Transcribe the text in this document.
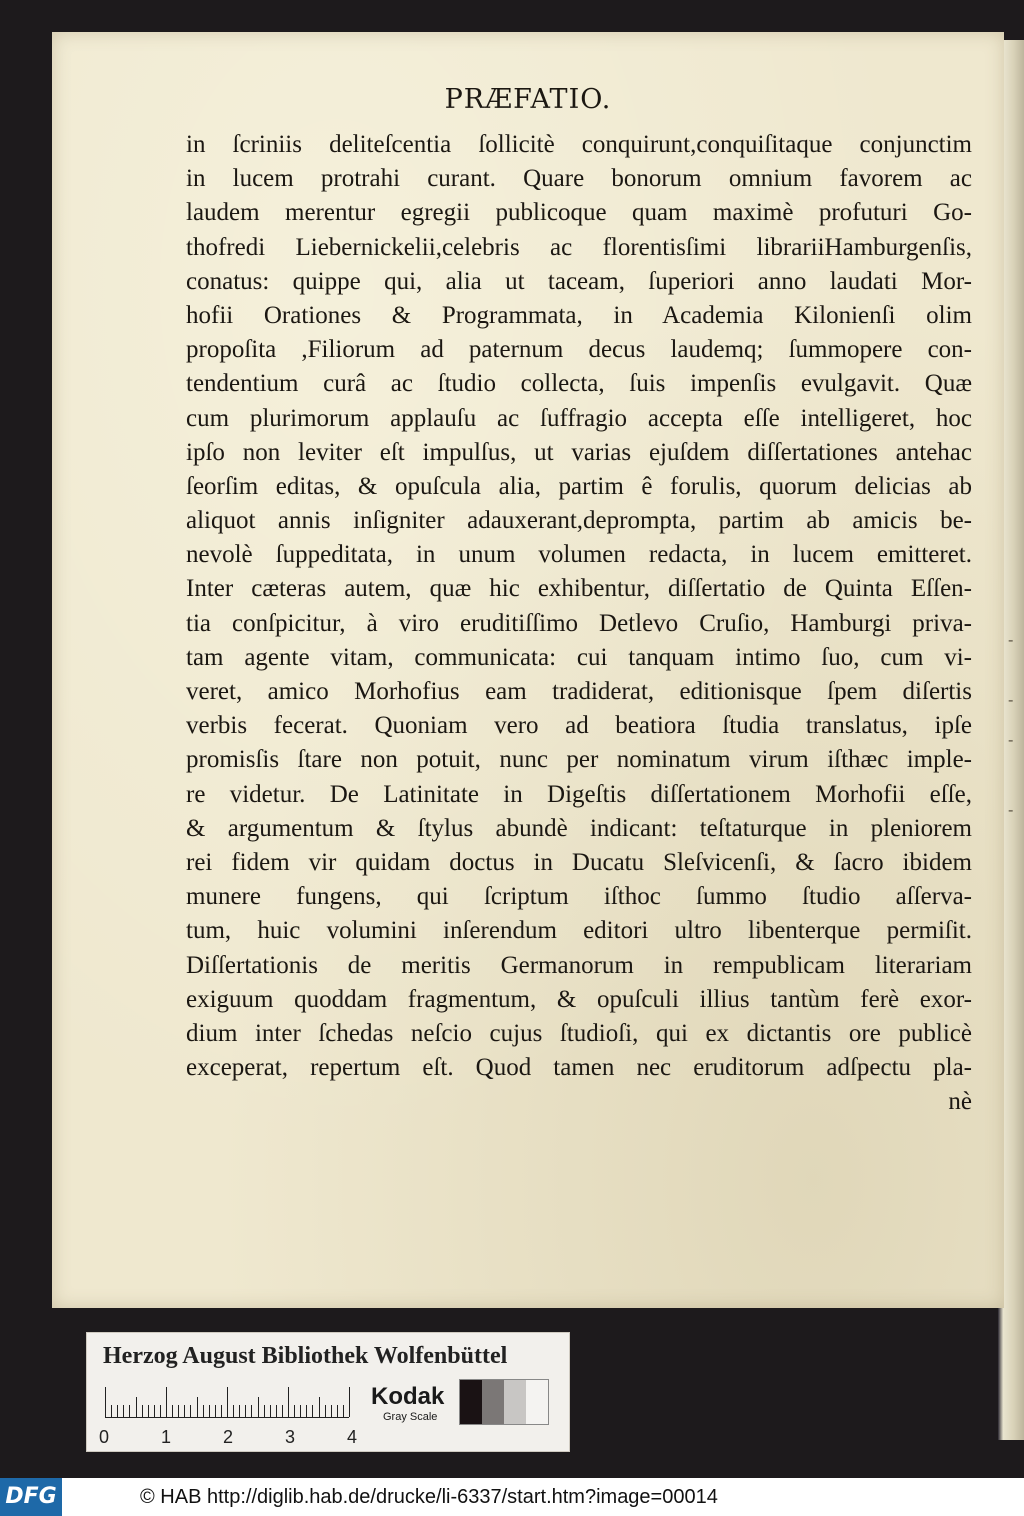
-
-
-
-
PRÆFATIO.
in ſcriniis deliteſcentia ſollicitè conquirunt,conquiſitaque conjunctim
in lucem protrahi curant. Quare bonorum omnium favorem ac
laudem merentur egregii publicoque quam maximè profuturi Go-
thofredi Liebernickelii,celebris ac florentisſimi librariiHamburgenſis,
conatus: quippe qui, alia ut taceam, ſuperiori anno laudati Mor-
hofii Orationes & Programmata, in Academia Kilonienſi olim
propoſita ,Filiorum ad paternum decus laudemq; ſummopere con-
tendentium curâ ac ſtudio collecta, ſuis impenſis evulgavit. Quæ
cum plurimorum applauſu ac ſuffragio accepta eſſe intelligeret, hoc
ipſo non leviter eſt impulſus, ut varias ejuſdem diſſertationes antehac
ſeorſim editas, & opuſcula alia, partim ê forulis, quorum delicias ab
aliquot annis inſigniter adauxerant,deprompta, partim ab amicis be-
nevolè ſuppeditata, in unum volumen redacta, in lucem emitteret.
Inter cæteras autem, quæ hic exhibentur, diſſertatio de Quinta Eſſen-
tia conſpicitur, à viro eruditiſſimo Detlevo Cruſio, Hamburgi priva-
tam agente vitam, communicata: cui tanquam intimo ſuo, cum vi-
veret, amico Morhofius eam tradiderat, editionisque ſpem diſertis
verbis fecerat. Quoniam vero ad beatiora ſtudia translatus, ipſe
promisſis ſtare non potuit, nunc per nominatum virum iſthæc imple-
re videtur. De Latinitate in Digeſtis diſſertationem Morhofii eſſe,
& argumentum & ſtylus abundè indicant: teſtaturque in pleniorem
rei fidem vir quidam doctus in Ducatu Sleſvicenſi, & ſacro ibidem
munere fungens, qui ſcriptum iſthoc ſummo ſtudio aſſerva-
tum, huic volumini inſerendum editori ultro libenterque permiſit.
Diſſertationis de meritis Germanorum in rempublicam literariam
exiguum quoddam fragmentum, & opuſculi illius tantùm ferè exor-
dium inter ſchedas neſcio cujus ſtudioſi, qui ex dictantis ore publicè
exceperat, repertum eſt. Quod tamen nec eruditorum adſpectu pla-
nè
Herzog August Bibliothek Wolfenbüttel
0	1	2	3	4
Kodak
Gray Scale
DFG	© HAB http://diglib.hab.de/drucke/li-6337/start.htm?image=00014
